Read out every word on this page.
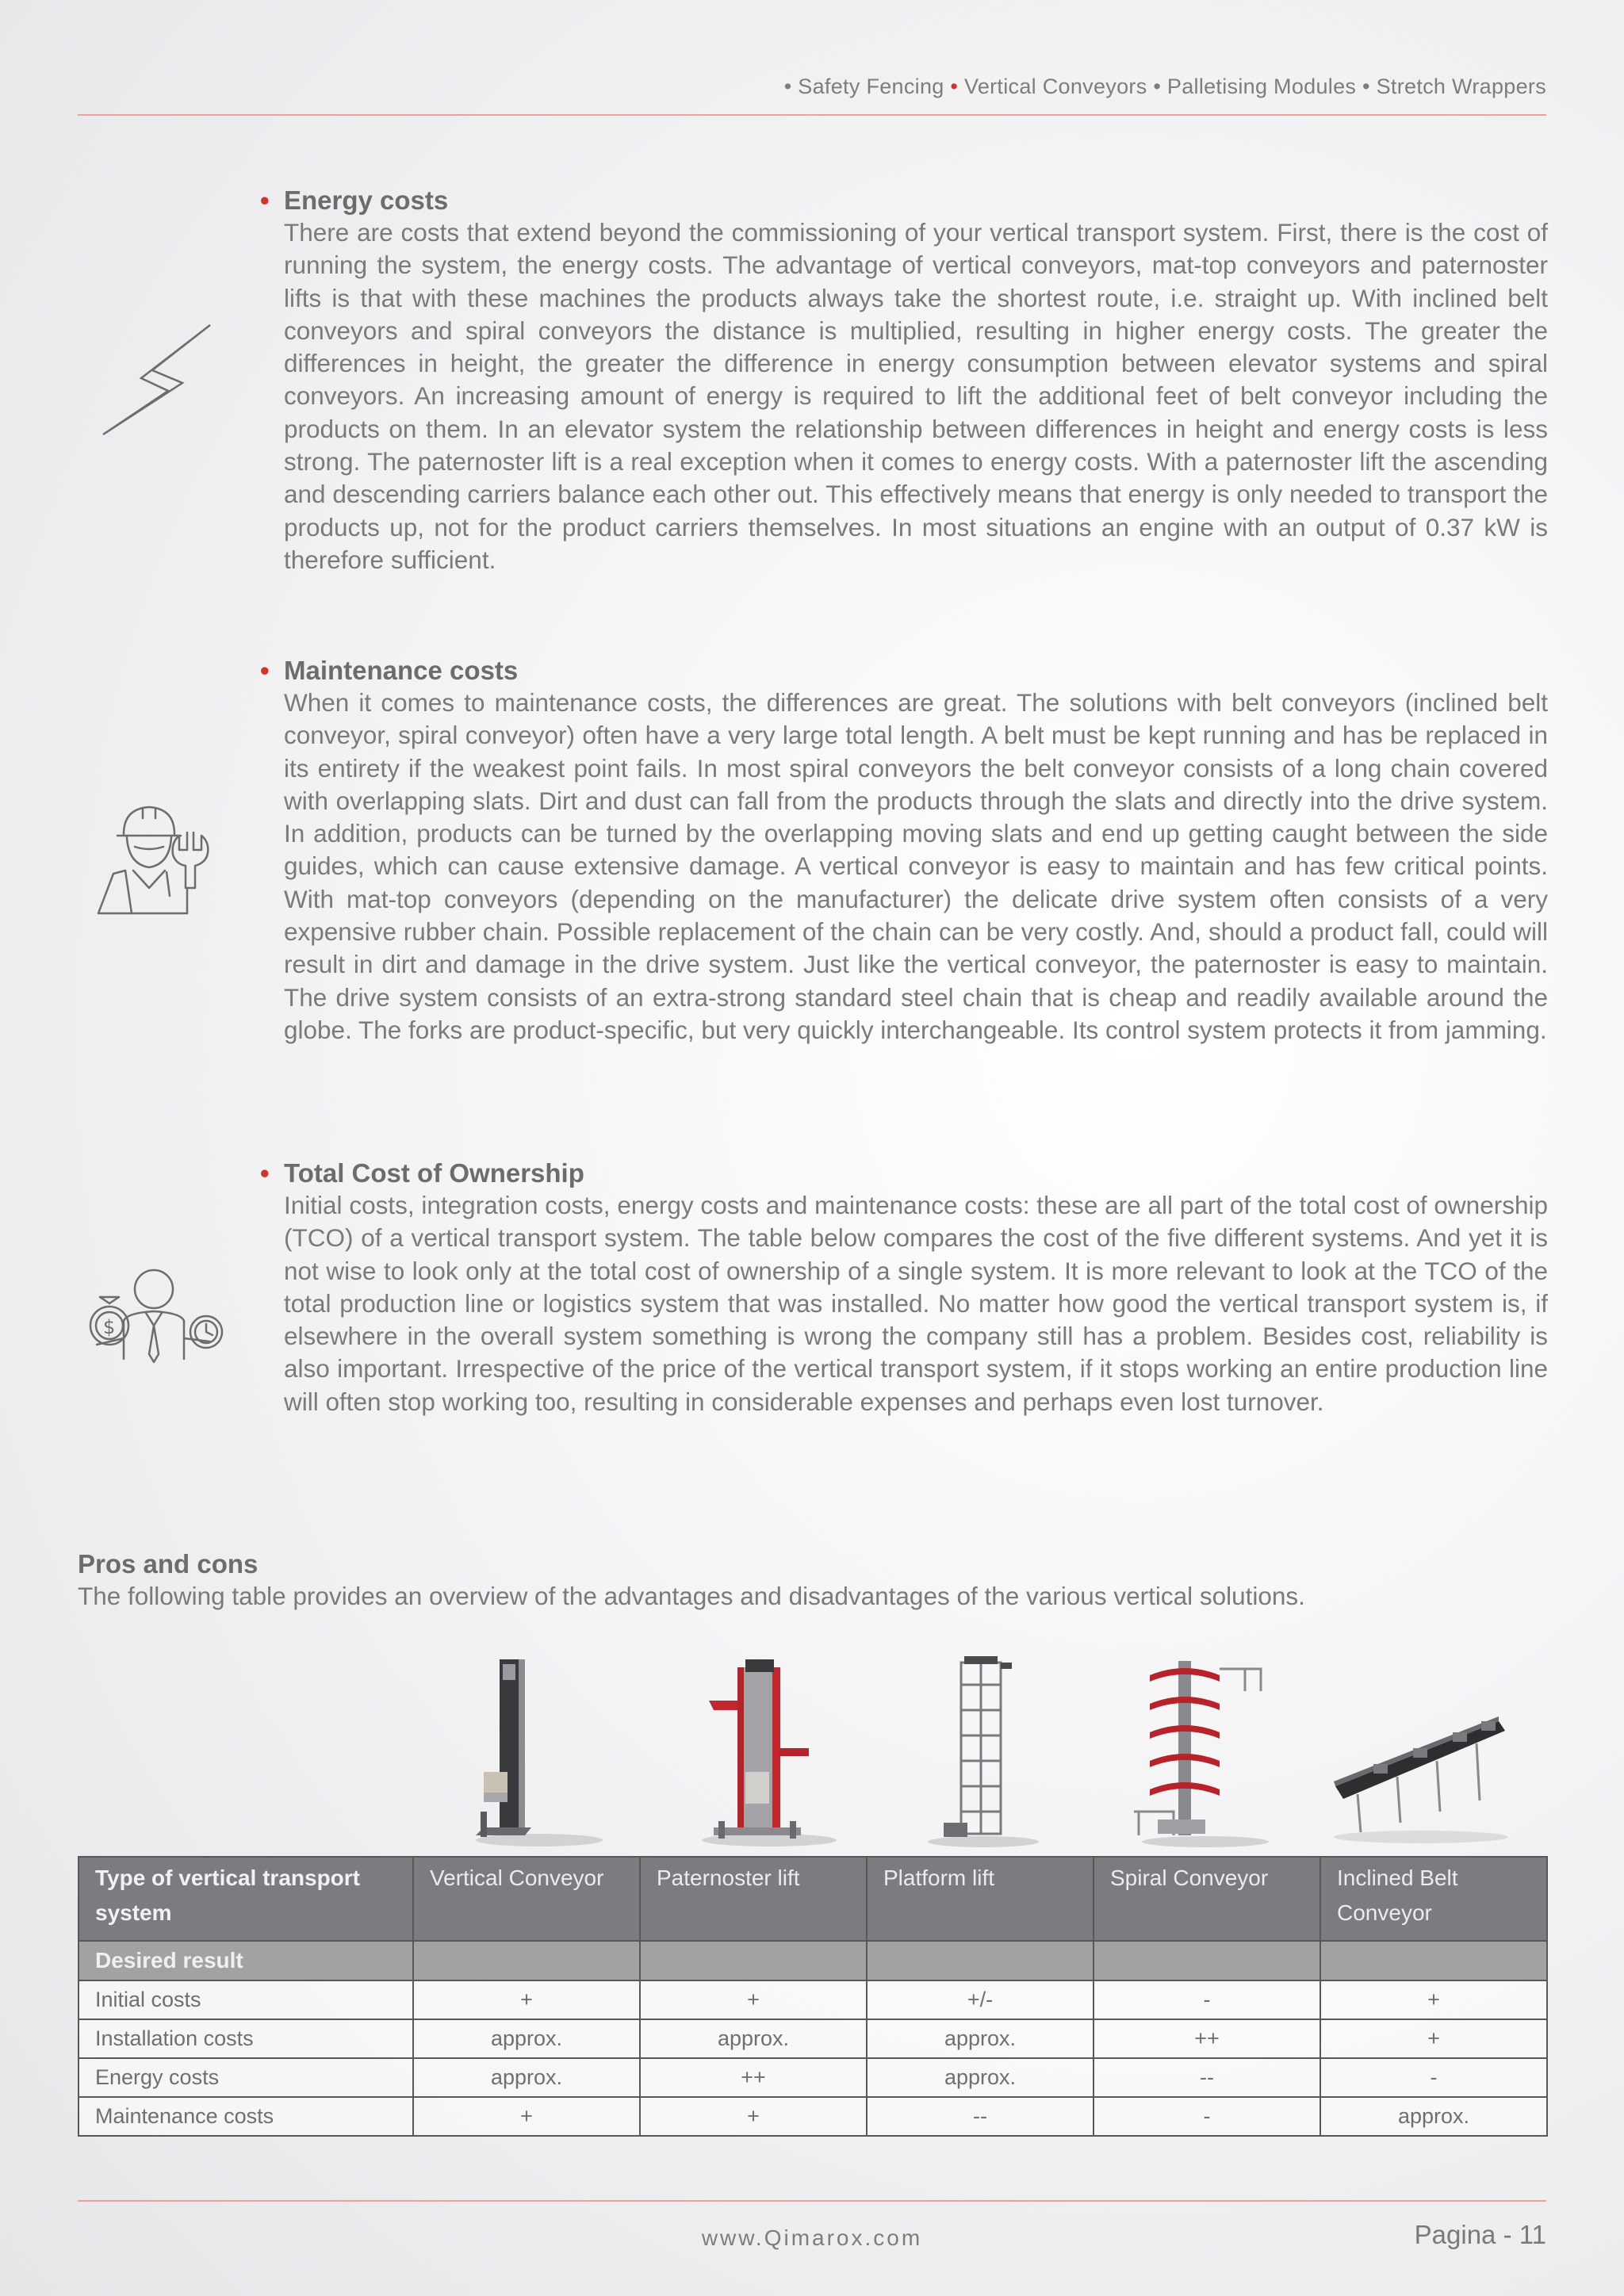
• Safety Fencing • Vertical Conveyors • Palletising Modules • Stretch Wrappers
• Energy costs

There are costs that extend beyond the commissioning of your vertical transport system. First, there is the cost of running the system, the energy costs. The advantage of vertical conveyors, mat-top conveyors and paternoster lifts is that with these machines the products always take the shortest route, i.e. straight up. With inclined belt conveyors and spiral conveyors the distance is multiplied, resulting in higher energy costs. The greater the differences in height, the greater the difference in energy consumption between elevator systems and spiral conveyors. An increasing amount of energy is required to lift the additional feet of belt conveyor including the products on them. In an elevator system the relationship between differences in height and energy costs is less strong. The paternoster lift is a real exception when it comes to energy costs. With a paternoster lift the ascending and descending carriers balance each other out. This effectively means that energy is only needed to transport the products up, not for the product carriers themselves. In most situations an engine with an output of 0.37 kW is therefore sufficient.

• Maintenance costs

When it comes to maintenance costs, the differences are great. The solutions with belt conveyors (inclined belt conveyor, spiral conveyor) often have a very large total length. A belt must be kept running and has be replaced in its entirety if the weakest point fails. In most spiral conveyors the belt conveyor consists of a long chain covered with overlapping slats. Dirt and dust can fall from the products through the slats and directly into the drive system. In addition, products can be turned by the overlapping moving slats and end up getting caught between the side guides, which can cause extensive damage. A vertical conveyor is easy to maintain and has few critical points. With mat-top conveyors (depending on the manufacturer) the delicate drive system often consists of a very expensive rubber chain. Possible replacement of the chain can be very costly. And, should a product fall, could will result in dirt and damage in the drive system. Just like the vertical conveyor, the paternoster is easy to maintain. The drive system consists of an extra-strong standard steel chain that is cheap and readily available around the globe. The forks are product-specific, but very quickly interchangeable. Its control system protects it from jamming.

$
• Total Cost of Ownership

Initial costs, integration costs, energy costs and maintenance costs: these are all part of the total cost of ownership (TCO) of a vertical transport system. The table below compares the cost of the five different systems. And yet it is not wise to look only at the total cost of ownership of a single system. It is more relevant to look at the TCO of the total production line or logistics system that was installed. No matter how good the vertical transport system is, if elsewhere in the overall system something is wrong the company still has a problem. Besides cost, reliability is also important. Irrespective of the price of the vertical transport system, if it stops working an entire production line will often stop working too, resulting in considerable expenses and perhaps even lost turnover.

Pros and cons
The following table provides an overview of the advantages and disadvantages of the various vertical solutions.
Type of vertical transport system	Vertical Conveyor	Paternoster lift	Platform lift	Spiral Conveyor	Inclined Belt Conveyor
Desired result					
Initial costs	+	+	+/-	-	+
Installation costs	approx.	approx.	approx.	++	+
Energy costs	approx.	++	approx.	--	-
Maintenance costs	+	+	--	-	approx.
www.Qimarox.com	Pagina - 11
